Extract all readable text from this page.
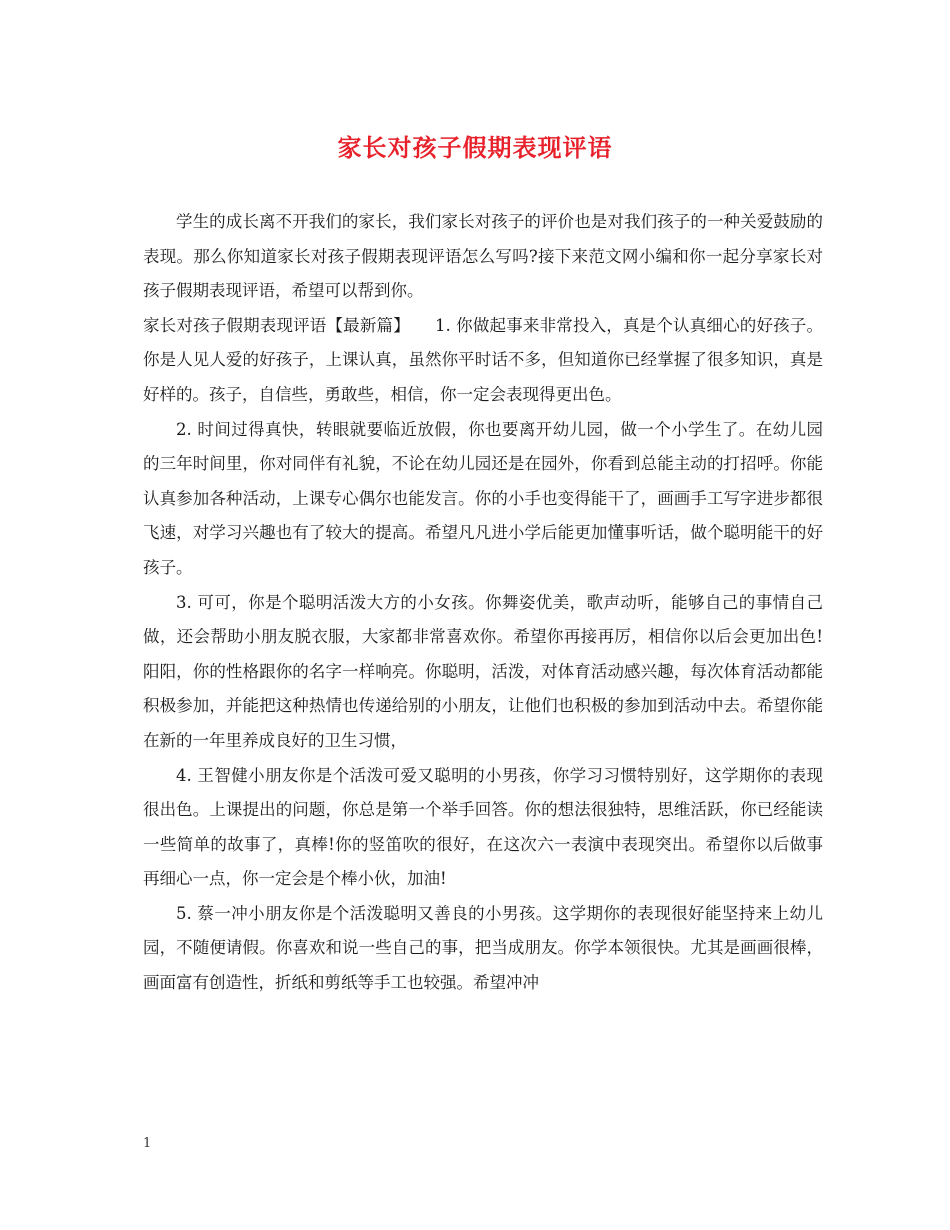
家长对孩子假期表现评语

学生的成长离不开我们的家长，我们家长对孩子的评价也是对我们孩子的一种关爱鼓励的表现。那么你知道家长对孩子假期表现评语怎么写吗?接下来范文网小编和你一起分享家长对孩子假期表现评语，希望可以帮到你。

家长对孩子假期表现评语【最新篇】　　1. 你做起事来非常投入，真是个认真细心的好孩子。你是人见人爱的好孩子，上课认真，虽然你平时话不多，但知道你已经掌握了很多知识，真是好样的。孩子，自信些，勇敢些，相信，你一定会表现得更出色。

2. 时间过得真快，转眼就要临近放假，你也要离开幼儿园，做一个小学生了。在幼儿园的三年时间里，你对同伴有礼貌，不论在幼儿园还是在园外，你看到总能主动的打招呼。你能认真参加各种活动，上课专心偶尔也能发言。你的小手也变得能干了，画画手工写字进步都很飞速，对学习兴趣也有了较大的提高。希望凡凡进小学后能更加懂事听话，做个聪明能干的好孩子。

3. 可可，你是个聪明活泼大方的小女孩。你舞姿优美，歌声动听，能够自己的事情自己做，还会帮助小朋友脱衣服，大家都非常喜欢你。希望你再接再厉，相信你以后会更加出色!阳阳，你的性格跟你的名字一样响亮。你聪明，活泼，对体育活动感兴趣，每次体育活动都能积极参加，并能把这种热情也传递给别的小朋友，让他们也积极的参加到活动中去。希望你能在新的一年里养成良好的卫生习惯，

4. 王智健小朋友你是个活泼可爱又聪明的小男孩，你学习习惯特别好，这学期你的表现很出色。上课提出的问题，你总是第一个举手回答。你的想法很独特，思维活跃，你已经能读一些简单的故事了，真棒!你的竖笛吹的很好，在这次六一表演中表现突出。希望你以后做事再细心一点，你一定会是个棒小伙，加油!

5. 蔡一冲小朋友你是个活泼聪明又善良的小男孩。这学期你的表现很好能坚持来上幼儿园，不随便请假。你喜欢和说一些自己的事，把当成朋友。你学本领很快。尤其是画画很棒，画面富有创造性，折纸和剪纸等手工也较强。希望冲冲

1
